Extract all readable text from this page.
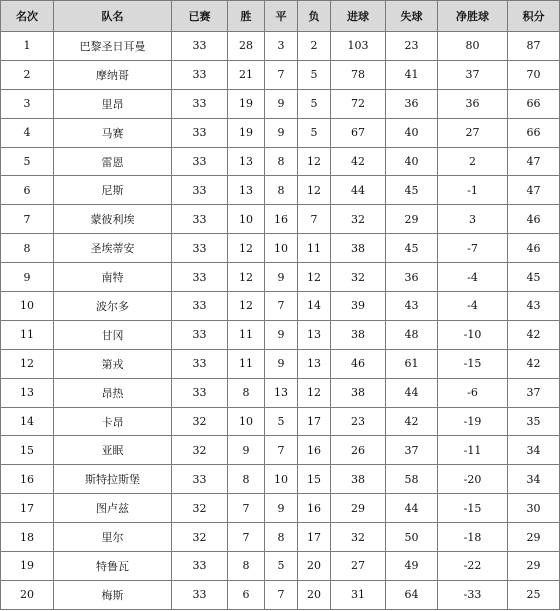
名次	队名	已赛	胜	平	负	进球	失球	净胜球	积分
1	巴黎圣日耳曼	33	28	3	2	103	23	80	87
2	摩纳哥	33	21	7	5	78	41	37	70
3	里昂	33	19	9	5	72	36	36	66
4	马赛	33	19	9	5	67	40	27	66
5	雷恩	33	13	8	12	42	40	2	47
6	尼斯	33	13	8	12	44	45	-1	47
7	蒙彼利埃	33	10	16	7	32	29	3	46
8	圣埃蒂安	33	12	10	11	38	45	-7	46
9	南特	33	12	9	12	32	36	-4	45
10	波尔多	33	12	7	14	39	43	-4	43
11	甘冈	33	11	9	13	38	48	-10	42
12	第戎	33	11	9	13	46	61	-15	42
13	昂热	33	8	13	12	38	44	-6	37
14	卡昂	32	10	5	17	23	42	-19	35
15	亚眠	32	9	7	16	26	37	-11	34
16	斯特拉斯堡	33	8	10	15	38	58	-20	34
17	图卢兹	32	7	9	16	29	44	-15	30
18	里尔	32	7	8	17	32	50	-18	29
19	特鲁瓦	33	8	5	20	27	49	-22	29
20	梅斯	33	6	7	20	31	64	-33	25
